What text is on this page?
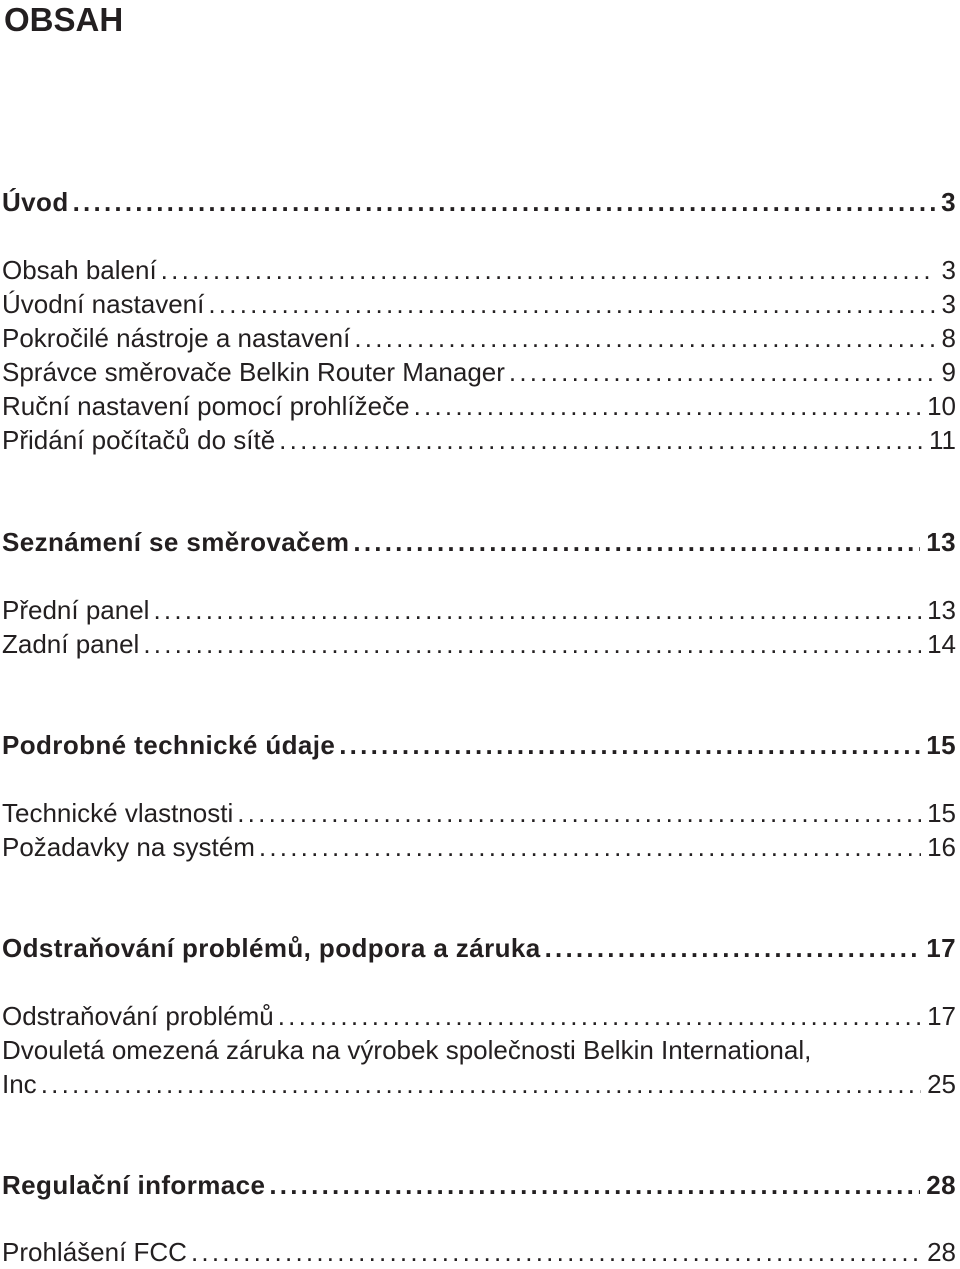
OBSAH
Úvod . . .	3
Obsah balení . . .	3
Úvodní nastavení . . .	3
Pokročilé nástroje a nastavení . . .	8
Správce směrovače Belkin Router Manager . . .	9
Ruční nastavení pomocí prohlížeče . . .	10
Přidání počítačů do sítě . . .	11
Seznámení se směrovačem . . .	13
Přední panel . . .	13
Zadní panel . . .	14
Podrobné technické údaje . . .	15
Technické vlastnosti . . .	15
Požadavky na systém . . .	16
Odstraňování problémů, podpora a záruka . . .	17
Odstraňování problémů . . .	17
Dvouletá omezená záruka na výrobek společnosti Belkin International,
Inc . . .	25
Regulační informace . . .	28
Prohlášení FCC . . .	28
